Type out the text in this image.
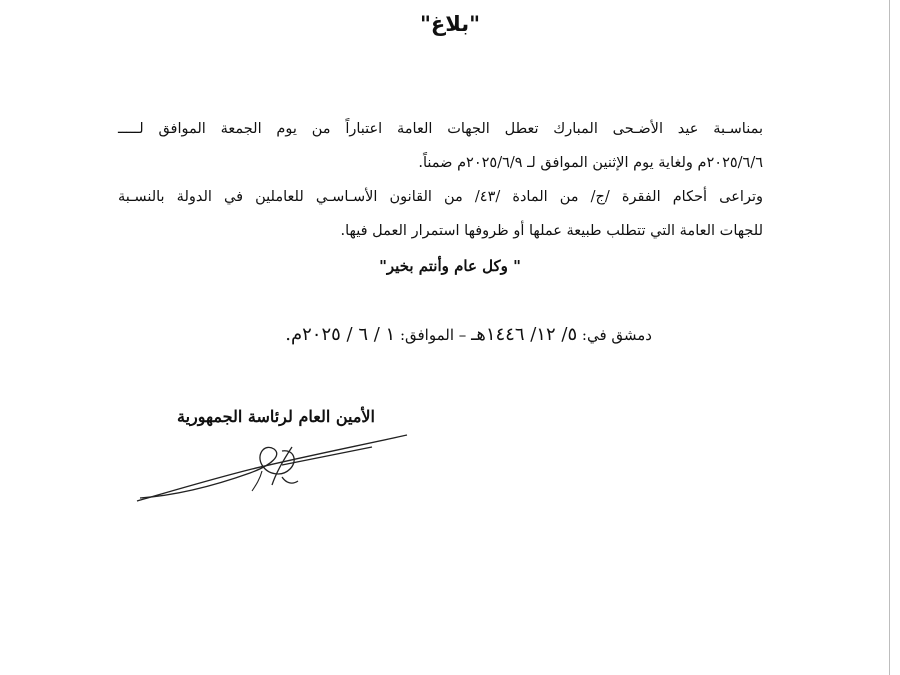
"بلاغ"
بمناسـبة عيد الأضـحى المبارك تعطل الجهات العامة اعتباراً من يوم الجمعة الموافق لـــــ
٢٠٢٥/٦/٦م ولغاية يوم الإثنين الموافق لـ ٢٠٢٥/٦/٩م ضمناً.
وتراعى أحكام الفقرة /ج/ من المادة /٤٣/ من القانون الأسـاسـي للعاملين في الدولة بالنسـبة
للجهات العامة التي تتطلب طبيعة عملها أو ظروفها استمرار العمل فيها.
" وكل عام وأنتم بخير"
دمشق في: ٥/ ١٢/ ١٤٤٦هـ – الموافق: ١ / ٦ / ٢٠٢٥م.
الأمين العام لرئاسة الجمهورية
